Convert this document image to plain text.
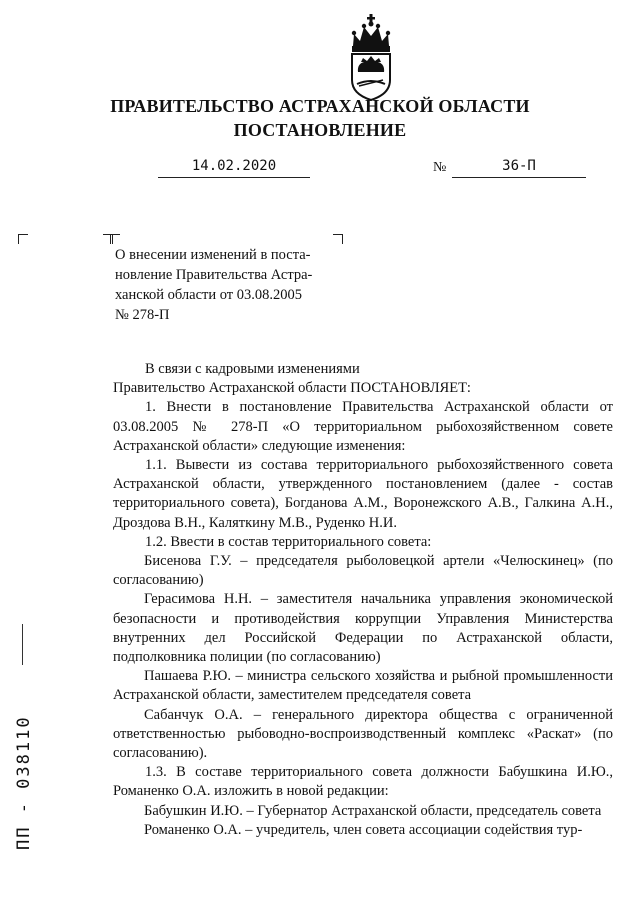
ПРАВИТЕЛЬСТВО АСТРАХАНСКОЙ ОБЛАСТИ
ПОСТАНОВЛЕНИЕ
14.02.2020	№	36-П
О внесении изменений в поста-
новление Правительства Астра-
ханской области от 03.08.2005
№ 278-П
В связи с кадровыми изменениями
Правительство Астраханской области ПОСТАНОВЛЯЕТ:
1. Внести в постановление Правительства Астраханской области от 03.08.2005 № 278-П «О территориальном рыбохозяйственном совете Астраханской области» следующие изменения:
1.1. Вывести из состава территориального рыбохозяйственного совета Астраханской области, утвержденного постановлением (далее - состав территориального совета), Богданова А.М., Воронежского А.В., Галкина А.Н., Дроздова В.Н., Каляткину М.В., Руденко Н.И.
1.2. Ввести в состав территориального совета:
Бисенова Г.У. – председателя рыболовецкой артели «Челюскинец» (по согласованию)
Герасимова Н.Н. – заместителя начальника управления экономической безопасности и противодействия коррупции Управления Министерства внутренних дел Российской Федерации по Астраханской области, подполковника полиции (по согласованию)
Пашаева Р.Ю. – министра сельского хозяйства и рыбной промышленности Астраханской области, заместителем председателя совета
Сабанчук О.А. – генерального директора общества с ограниченной ответственностью рыбоводно-воспроизводственный комплекс «Раскат» (по согласованию).
1.3. В составе территориального совета должности Бабушкина И.Ю., Романенко О.А. изложить в новой редакции:
Бабушкин И.Ю. – Губернатор Астраханской области, председатель совета
Романенко О.А. – учредитель, член совета ассоциации содействия тур-
ПП - 038110
